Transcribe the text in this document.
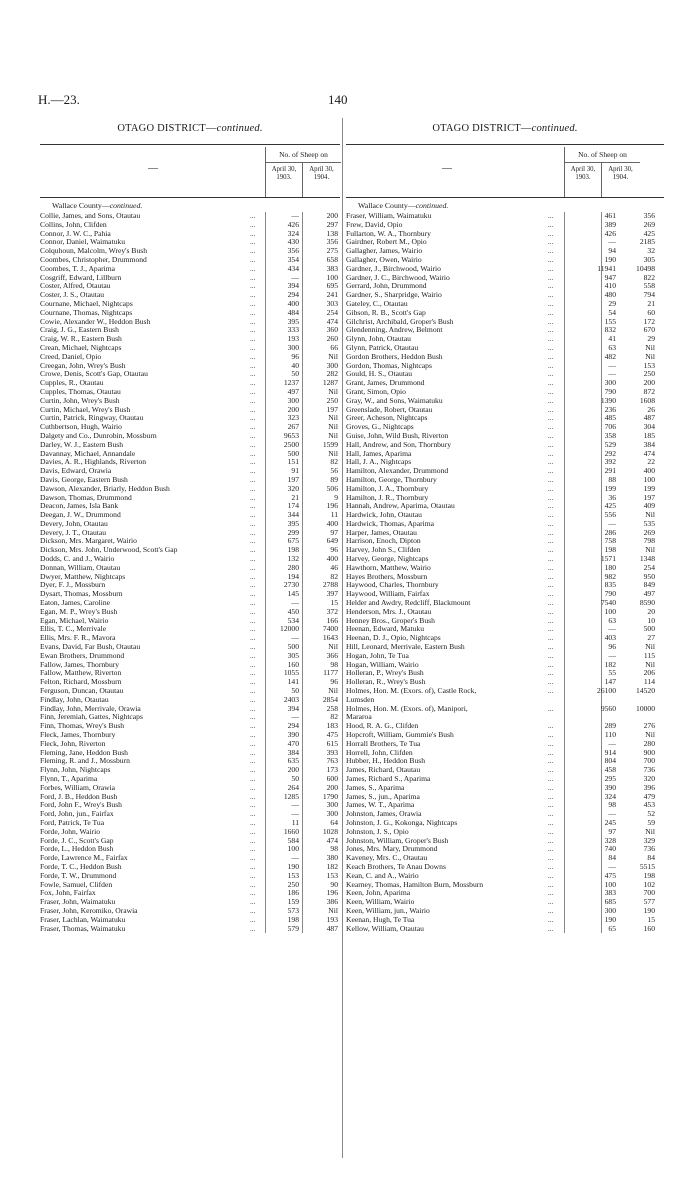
H.—23.	140
OTAGO DISTRICT—continued.
—
No. of Sheep on
April 30,
1903.
April 30,
1904.
Wallace County—continued.
Collie, James, and Sons, Otautau	...	—	200
Collins, John, Clifden	...	426	297
Connor, J. W. C., Pahia	...	324	138
Connor, Daniel, Waimatuku	...	430	356
Colquhoun, Malcolm, Wrey's Bush	...	356	275
Coombes, Christopher, Drummond	...	354	658
Coombes, T. J., Aparima	...	434	383
Cosgriff, Edward, Lillburn	...	—	100
Coster, Alfred, Otautau	...	394	695
Coster, J. S., Otautau	...	294	241
Cournane, Michael, Nightcaps	...	400	303
Cournane, Thomas, Nightcaps	...	484	254
Cowie, Alexander W., Heddon Bush	...	395	474
Craig, J. G., Eastern Bush	...	333	360
Craig, W. R., Eastern Bush	...	193	260
Crean, Michael, Nightcaps	...	300	66
Creed, Daniel, Opio	...	96	Nil
Creegan, John, Wrey's Bush	...	40	300
Crowe, Denis, Scott's Gap, Otautau	...	50	282
Cupples, R., Otautau	...	1237	1287
Cupples, Thomas, Otautau	...	497	Nil
Curtin, John, Wrey's Bush	...	300	250
Curtin, Michael, Wrey's Bush	...	200	197
Curtin, Patrick, Ringway, Otautau	...	323	Nil
Cuthbertson, Hugh, Wairio	...	267	Nil
Dalgety and Co., Dunrobin, Mossburn	...	9653	Nil
Darley, W. J., Eastern Bush	...	2500	1599
Davannay, Michael, Annandale	...	500	Nil
Davies, A. R., Highlands, Riverton	...	151	82
Davis, Edward, Orawia	...	91	56
Davis, George, Eastern Bush	...	197	89
Dawson, Alexander, Briarly, Heddon Bush	...	320	506
Dawson, Thomas, Drummond	...	21	9
Deacon, James, Isla Bank	...	174	196
Deegan, J. W., Drummond	...	344	11
Devery, John, Otautau	...	395	400
Devery, J. T., Otautau	...	299	97
Dickson, Mrs. Margaret, Wairio	...	675	649
Dickson, Mrs. John, Underwood, Scott's Gap	...	198	96
Dodds, C. and J., Wairio	...	132	400
Donnan, William, Otautau	...	280	46
Dwyer, Matthew, Nightcaps	...	194	82
Dyer, F. J., Mossburn	...	2730	2788
Dysart, Thomas, Mossburn	...	145	397
Eaton, James, Caroline	...	—	15
Egan, M. P., Wrey's Bush	...	450	372
Egan, Michael, Wairio	...	534	166
Ellis, T. C., Merrivale	...	12000	7400
Ellis, Mrs. F. R., Mavora	...	—	1643
Evans, David, Far Bush, Otautau	...	500	Nil
Ewan Brothers, Drummond	...	305	366
Fallow, James, Thornbury	...	160	98
Fallow, Matthew, Riverton	...	1055	1177
Felton, Richard, Mossburn	...	141	96
Ferguson, Duncan, Otautau	...	50	Nil
Findlay, John, Otautau	...	2403	2854
Findlay, John, Merrivale, Orawia	...	394	258
Finn, Jeremiah, Gattes, Nightcaps	...	—	82
Finn, Thomas, Wrey's Bush	...	294	183
Fleck, James, Thornbury	...	390	475
Fleck, John, Riverton	...	470	615
Fleming, Jane, Heddon Bush	...	384	393
Fleming, R. and J., Mossburn	...	635	763
Flynn, John, Nightcaps	...	200	173
Flynn, T., Aparima	...	50	600
Forbes, William, Orawia	...	264	200
Ford, J. B., Heddon Bush	...	1285	1790
Ford, John F., Wrey's Bush	...	—	300
Ford, John, jun., Fairfax	...	—	300
Ford, Patrick, Te Tua	...	11	64
Forde, John, Wairio	...	1660	1028
Forde, J. C., Scott's Gap	...	584	474
Forde, L., Heddon Bush	...	100	98
Forde, Lawrence M., Fairfax	...	—	380
Forde, T. C., Heddon Bush	...	190	182
Forde, T. W., Drummond	...	153	153
Fowle, Samuel, Clifden	...	250	90
Fox, John, Fairfax	...	186	196
Fraser, John, Waimatuku	...	159	386
Fraser, John, Keromiko, Orawia	...	573	Nil
Fraser, Lachlan, Waimatuku	...	198	193
Fraser, Thomas, Waimatuku	...	579	487
OTAGO DISTRICT—continued.
—
No. of Sheep on
April 30,
1903.
April 30,
1904.
Wallace County—continued.
Fraser, William, Waimatuku	...	461	356
Frew, David, Opio	...	389	269
Fullarton, W. A., Thornbury	...	426	425
Gairdner, Robert M., Opio	...	—	2185
Gallagher, James, Wairio	...	94	32
Gallagher, Owen, Wairio	...	190	305
Gardner, J., Birchwood, Wairio	...	11941	10498
Gardner, J. C., Birchwood, Wairio	...	947	822
Gerrard, John, Drummond	...	410	558
Gardner, S., Sharpridge, Wairio	...	480	794
Gateley, C., Otautau	...	29	21
Gibson, R. B., Scott's Gap	...	54	60
Gilchrist, Archibald, Groper's Bush	...	155	172
Glendenning, Andrew, Belmont	...	832	670
Glynn, John, Otautau	...	41	29
Glynn, Patrick, Otautau	...	63	Nil
Gordon Brothers, Heddon Bush	...	482	Nil
Gordon, Thomas, Nightcaps	...	—	153
Gould, H. S., Otautau	...	—	250
Grant, James, Drummond	...	300	200
Grant, Simon, Opio	...	790	872
Gray, W., and Sons, Waimatuku	...	1390	1608
Greenslade, Robert, Otautau	...	236	26
Greer, Acheson, Nightcaps	...	485	487
Groves, G., Nightcaps	...	706	304
Guise, John, Wild Bush, Riverton	...	358	185
Hall, Andrew, and Son, Thornbury	...	529	384
Hall, James, Aparima	...	292	474
Hall, J. A., Nightcaps	...	392	22
Hamilton, Alexander, Drummond	...	291	400
Hamilton, George, Thornbury	...	88	100
Hamilton, J. A., Thornbury	...	199	199
Hamilton, J. R., Thornbury	...	36	197
Hannah, Andrew, Aparima, Otautau	...	425	409
Hardwick, John, Otautau	...	556	Nil
Hardwick, Thomas, Aparima	...	—	535
Harper, James, Otautau	...	286	269
Harrison, Enoch, Dipton	...	758	798
Harvey, John S., Clifden	...	198	Nil
Harvey, George, Nightcaps	...	1571	1348
Hawthorn, Matthew, Wairio	...	180	254
Hayes Brothers, Mossburn	...	982	950
Haywood, Charles, Thornbury	...	835	849
Haywood, William, Fairfax	...	790	497
Helder and Awdry, Redcliff, Blackmount	...	7540	8590
Henderson, Mrs. J., Otautau	...	100	20
Henney Bros., Groper's Bush	...	63	10
Heenan, Edward, Matuku	...	—	500
Heenan, D. J., Opio, Nightcaps	...	403	27
Hill, Leonard, Merrivale, Eastern Bush	...	96	Nil
Hogan, John, Te Tua	...	—	115
Hogan, William, Wairio	...	182	Nil
Holleran, P., Wrey's Bush	...	55	206
Holleran, R., Wrey's Bush	...	147	114
Holmes, Hon. M. (Exors. of), Castle Rock,	...	26100	14520
Lumsden
Holmes, Hon. M. (Exors. of), Manipori,	...	9560	10000
Mararoa
Hood, R. A. G., Clifden	...	289	276
Hopcroft, William, Gummie's Bush	...	110	Nil
Horrall Brothers, Te Tua	...	—	280
Horrell, John, Clifden	...	914	900
Hubber, H., Heddon Bush	...	804	700
James, Richard, Otautau	...	458	736
James, Richard S., Aparima	...	295	320
James, S., Aparima	...	390	396
James, S., jun., Aparima	...	324	479
James, W. T., Aparima	...	98	453
Johnston, James, Orawia	...	—	52
Johnston, J. G., Kokonga, Nightcaps	...	245	59
Johnston, J. S., Opio	...	97	Nil
Johnston, William, Groper's Bush	...	328	329
Jones, Mrs. Mary, Drummond	...	740	736
Kaveney, Mrs. C., Otautau	...	84	84
Keach Brothers, Te Anau Downs	...	—	5515
Kean, C. and A., Wairio	...	475	198
Kearney, Thomas, Hamilton Burn, Mossburn	...	100	102
Keen, John, Aparima	...	383	700
Keen, William, Wairio	...	685	577
Keen, William, jun., Wairio	...	300	190
Keenan, Hugh, Te Tua	...	190	15
Kellow, William, Otautau	...	65	160
